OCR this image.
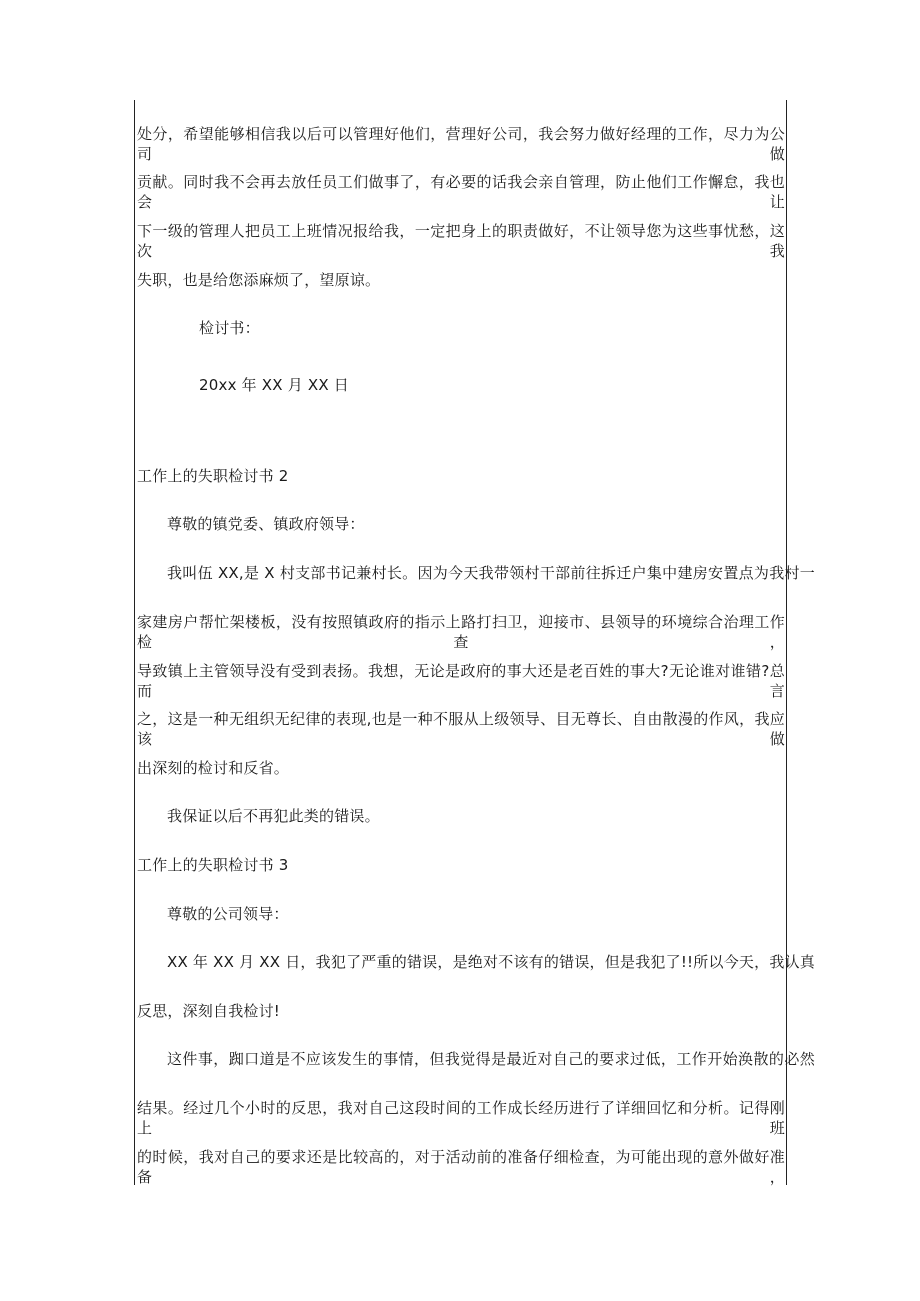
处分，希望能够相信我以后可以管理好他们，营理好公司，我会努力做好经理的工作，尽力为公司做
贡献。同时我不会再去放任员工们做事了，有必要的话我会亲自管理，防止他们工作懈怠，我也会让
下一级的管理人把员工上班情况报给我，一定把身上的职责做好，不让领导您为这些事忧愁，这次我
失职，也是给您添麻烦了，望原谅。
检讨书：
20xx 年 XX 月 XX 日
工作上的失职检讨书 2
尊敬的镇党委、镇政府领导：
我叫伍 XX,是 X 村支部书记兼村长。因为今天我带领村干部前往拆迁户集中建房安置点为我村一
家建房户帮忙架楼板，没有按照镇政府的指示上路打扫卫，迎接市、县领导的环境综合治理工作检查，
导致镇上主管领导没有受到表扬。我想，无论是政府的事大还是老百姓的事大?无论谁对谁错?总而言
之，这是一种无组织无纪律的表现,也是一种不服从上级领导、目无尊长、自由散漫的作风，我应该做
出深刻的检讨和反省。
我保证以后不再犯此类的错误。
工作上的失职检讨书 3
尊敬的公司领导：
XX 年 XX 月 XX 日，我犯了严重的错误，是绝对不该有的错误，但是我犯了!!所以今天，我认真
反思，深刻自我检讨!
这件事，踟口道是不应该发生的事情，但我觉得是最近对自己的要求过低，工作开始涣散的必然
结果。经过几个小时的反思，我对自己这段时间的工作成长经历进行了详细回忆和分析。记得刚上班
的时候，我对自己的要求还是比较高的，对于活动前的准备仔细检查，为可能出现的意外做好准备，
